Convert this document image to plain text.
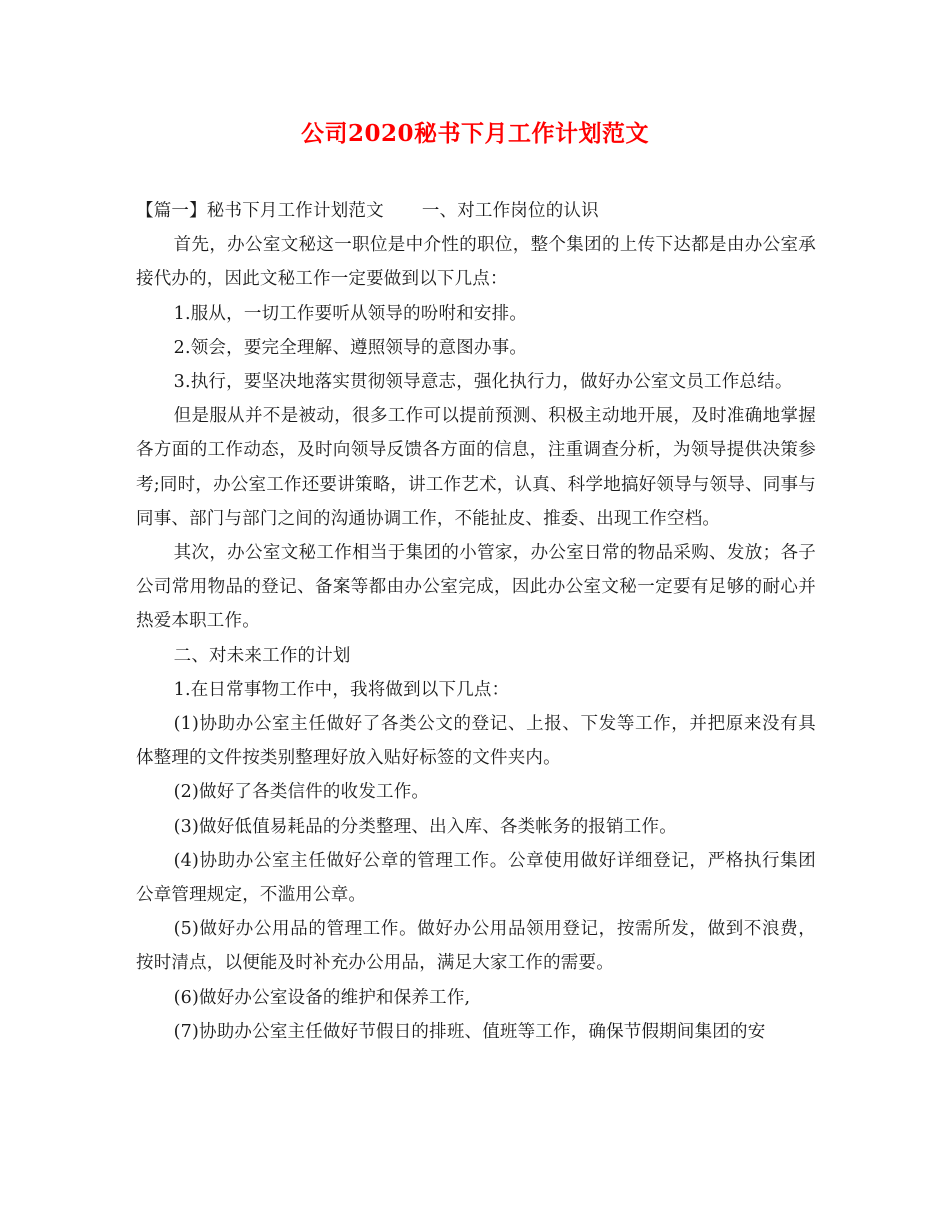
公司2020秘书下月工作计划范文

【篇一】秘书下月工作计划范文 一、对工作岗位的认识

首先，办公室文秘这一职位是中介性的职位，整个集团的上传下达都是由办公室承接代办的，因此文秘工作一定要做到以下几点：

1.服从，一切工作要听从领导的吩咐和安排。

2.领会，要完全理解、遵照领导的意图办事。

3.执行，要坚决地落实贯彻领导意志，强化执行力，做好办公室文员工作总结。

但是服从并不是被动，很多工作可以提前预测、积极主动地开展，及时准确地掌握各方面的工作动态，及时向领导反馈各方面的信息，注重调查分析，为领导提供决策参考;同时，办公室工作还要讲策略，讲工作艺术，认真、科学地搞好领导与领导、同事与同事、部门与部门之间的沟通协调工作，不能扯皮、推委、出现工作空档。

其次，办公室文秘工作相当于集团的小管家，办公室日常的物品采购、发放；各子公司常用物品的登记、备案等都由办公室完成，因此办公室文秘一定要有足够的耐心并热爱本职工作。

二、对未来工作的计划

1.在日常事物工作中，我将做到以下几点：

(1)协助办公室主任做好了各类公文的登记、上报、下发等工作，并把原来没有具体整理的文件按类别整理好放入贴好标签的文件夹内。

(2)做好了各类信件的收发工作。

(3)做好低值易耗品的分类整理、出入库、各类帐务的报销工作。

(4)协助办公室主任做好公章的管理工作。公章使用做好详细登记，严格执行集团公章管理规定，不滥用公章。

(5)做好办公用品的管理工作。做好办公用品领用登记，按需所发，做到不浪费，按时清点，以便能及时补充办公用品，满足大家工作的需要。

(6)做好办公室设备的维护和保养工作,

(7)协助办公室主任做好节假日的排班、值班等工作，确保节假期间集团的安
